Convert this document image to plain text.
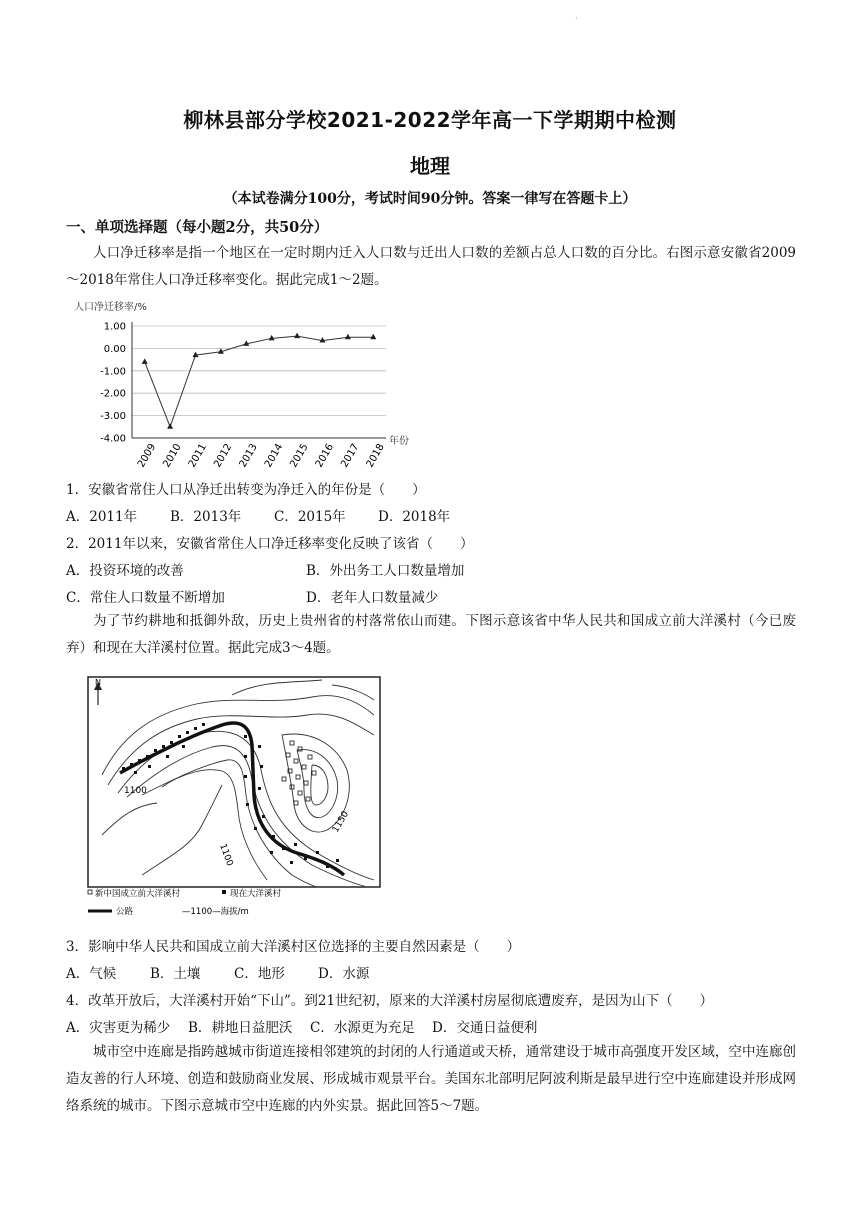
·
柳林县部分学校2021-2022学年高一下学期期中检测
地理
（本试卷满分100分，考试时间90分钟。答案一律写在答题卡上）
一、单项选择题（每小题2分，共50分）
人口净迁移率是指一个地区在一定时期内迁入人口数与迁出人口数的差额占总人口数的百分比。右图示意安徽省2009～2018年常住人口净迁移率变化。据此完成1～2题。
人口净迁移率/%
1.00
0.00
-1.00
-2.00
-3.00
-4.00
2009 2010 2011 2012 2013 2014 2015 2016 2017 2018
年份
1．安徽省常住人口从净迁出转变为净迁入的年份是（　　）
A．2011年 B．2013年 C．2015年 D．2018年
2．2011年以来，安徽省常住人口净迁移率变化反映了该省（　　）
A．投资环境的改善	B．外出务工人口数量增加
C．常住人口数量不断增加	D．老年人口数量减少
为了节约耕地和抵御外敌，历史上贵州省的村落常依山而建。下图示意该省中华人民共和国成立前大洋溪村（今已废弃）和现在大洋溪村位置。据此完成3～4题。
N
1100
1100
1150
新中国成立前大洋溪村	现在大洋溪村
公路	—1100—海拔/m
3．影响中华人民共和国成立前大洋溪村区位选择的主要自然因素是（　　）
A．气候	B．土壤 C．地形 D．水源
4．改革开放后，大洋溪村开始“下山”。到21世纪初，原来的大洋溪村房屋彻底遭废弃，是因为山下（　　）
A．灾害更为稀少 B．耕地日益肥沃 C．水源更为充足 D．交通日益便利
城市空中连廊是指跨越城市街道连接相邻建筑的封闭的人行通道或天桥，通常建设于城市高强度开发区域，空中连廊创造友善的行人环境、创造和鼓励商业发展、形成城市观景平台。美国东北部明尼阿波利斯是最早进行空中连廊建设并形成网络系统的城市。下图示意城市空中连廊的内外实景。据此回答5～7题。
